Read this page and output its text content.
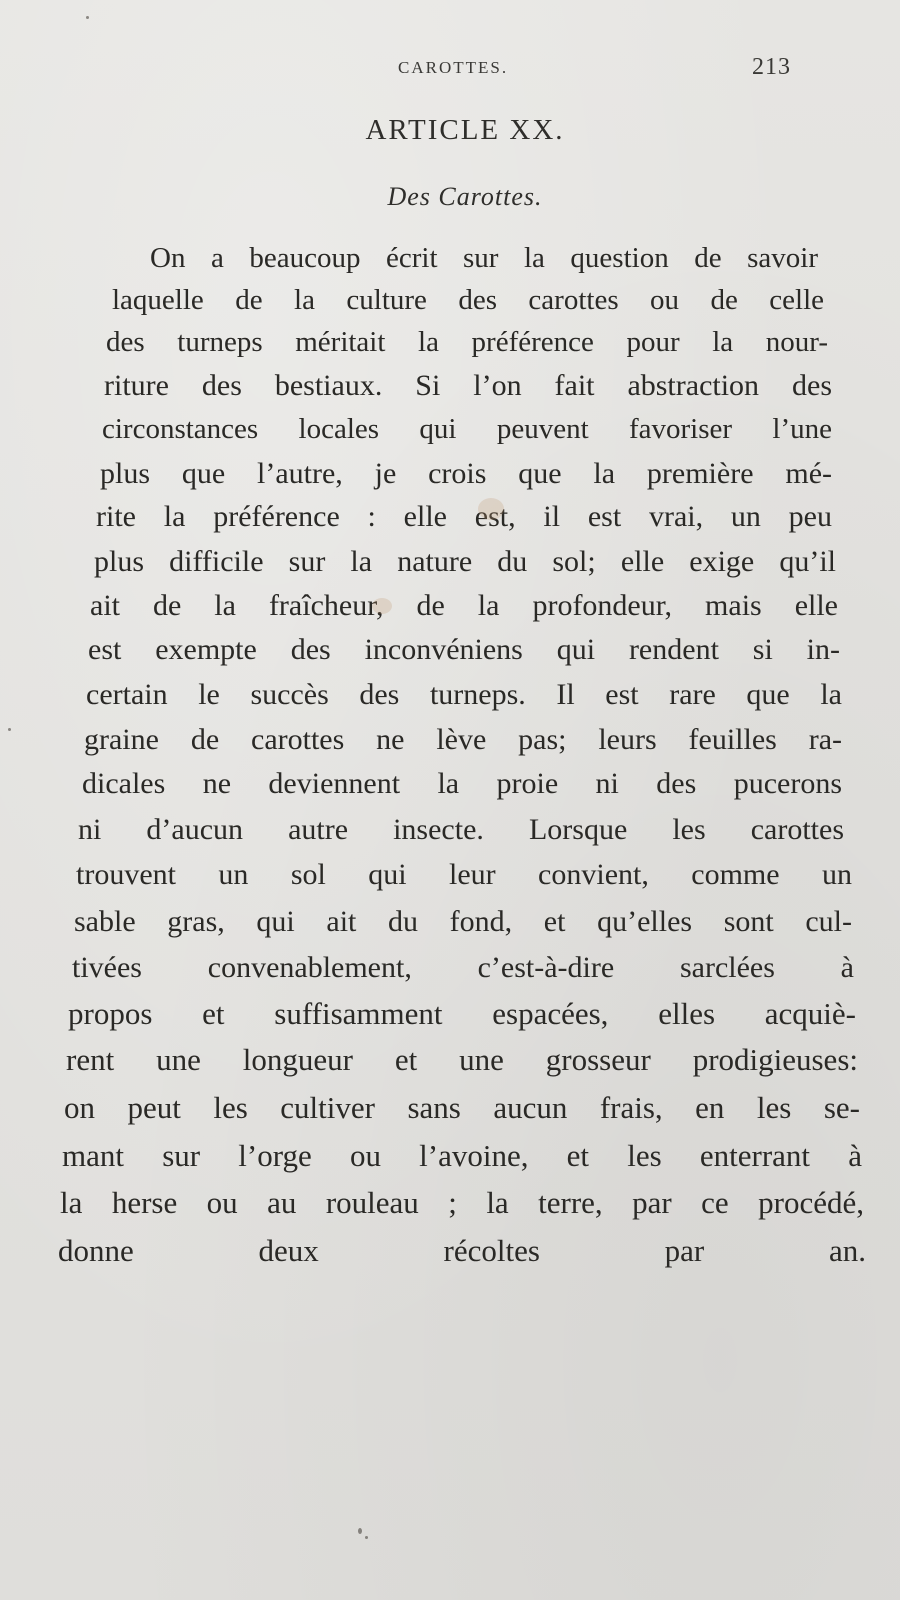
CAROTTES.	213
ARTICLE XX.
Des Carottes.
On a beaucoup écrit sur la question de savoir
laquelle de la culture des carottes ou de celle
des turneps méritait la préférence pour la nour-
riture des bestiaux. Si l’on fait abstraction des
circonstances locales qui peuvent favoriser l’une
plus que l’autre, je crois que la première mé-
rite la préférence : elle est, il est vrai, un peu
plus difficile sur la nature du sol; elle exige qu’il
ait de la fraîcheur, de la profondeur, mais elle
est exempte des inconvéniens qui rendent si in-
certain le succès des turneps. Il est rare que la
graine de carottes ne lève pas; leurs feuilles ra-
dicales ne deviennent la proie ni des pucerons
ni d’aucun autre insecte. Lorsque les carottes
trouvent un sol qui leur convient, comme un
sable gras, qui ait du fond, et qu’elles sont cul-
tivées convenablement, c’est-à-dire sarclées à
propos et suffisamment espacées, elles acquiè-
rent une longueur et une grosseur prodigieuses:
on peut les cultiver sans aucun frais, en les se-
mant sur l’orge ou l’avoine, et les enterrant à
la herse ou au rouleau ; la terre, par ce procédé,
donne deux récoltes par an.
